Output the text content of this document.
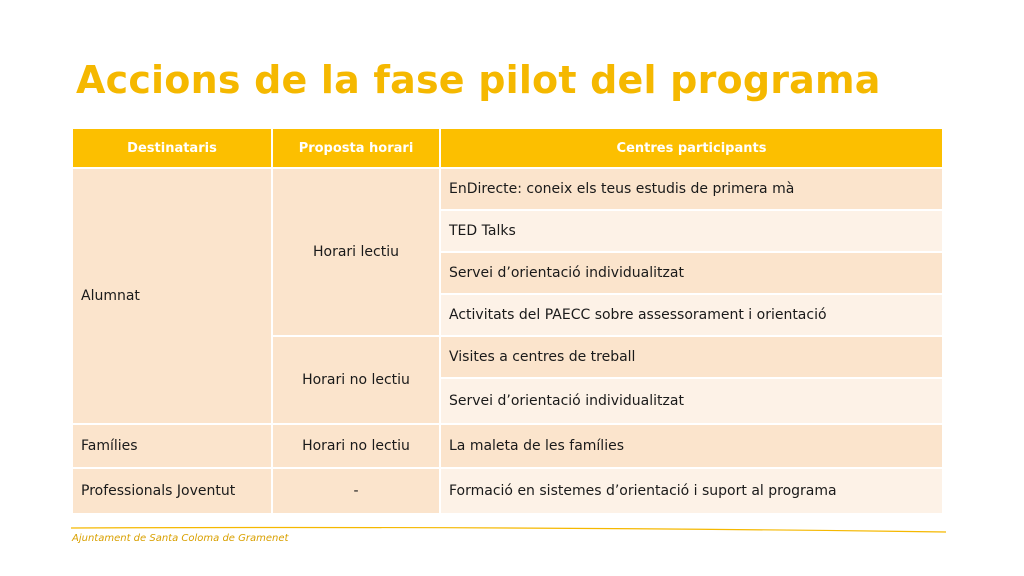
Accions de la fase pilot del programa
Destinataris	Proposta horari	Centres participants
Alumnat	Horari lectiu	EnDirecte: coneix els teus estudis de primera mà
		TED Talks
		Servei d’orientació individualitzat
		Activitats del PAECC sobre assessorament i orientació
	Horari no lectiu	Visites a centres de treball
		Servei d’orientació individualitzat
Famílies	Horari no lectiu	La maleta de les famílies
Professionals Joventut	-	Formació en sistemes d’orientació i suport al programa
Ajuntament de Santa Coloma de Gramenet
